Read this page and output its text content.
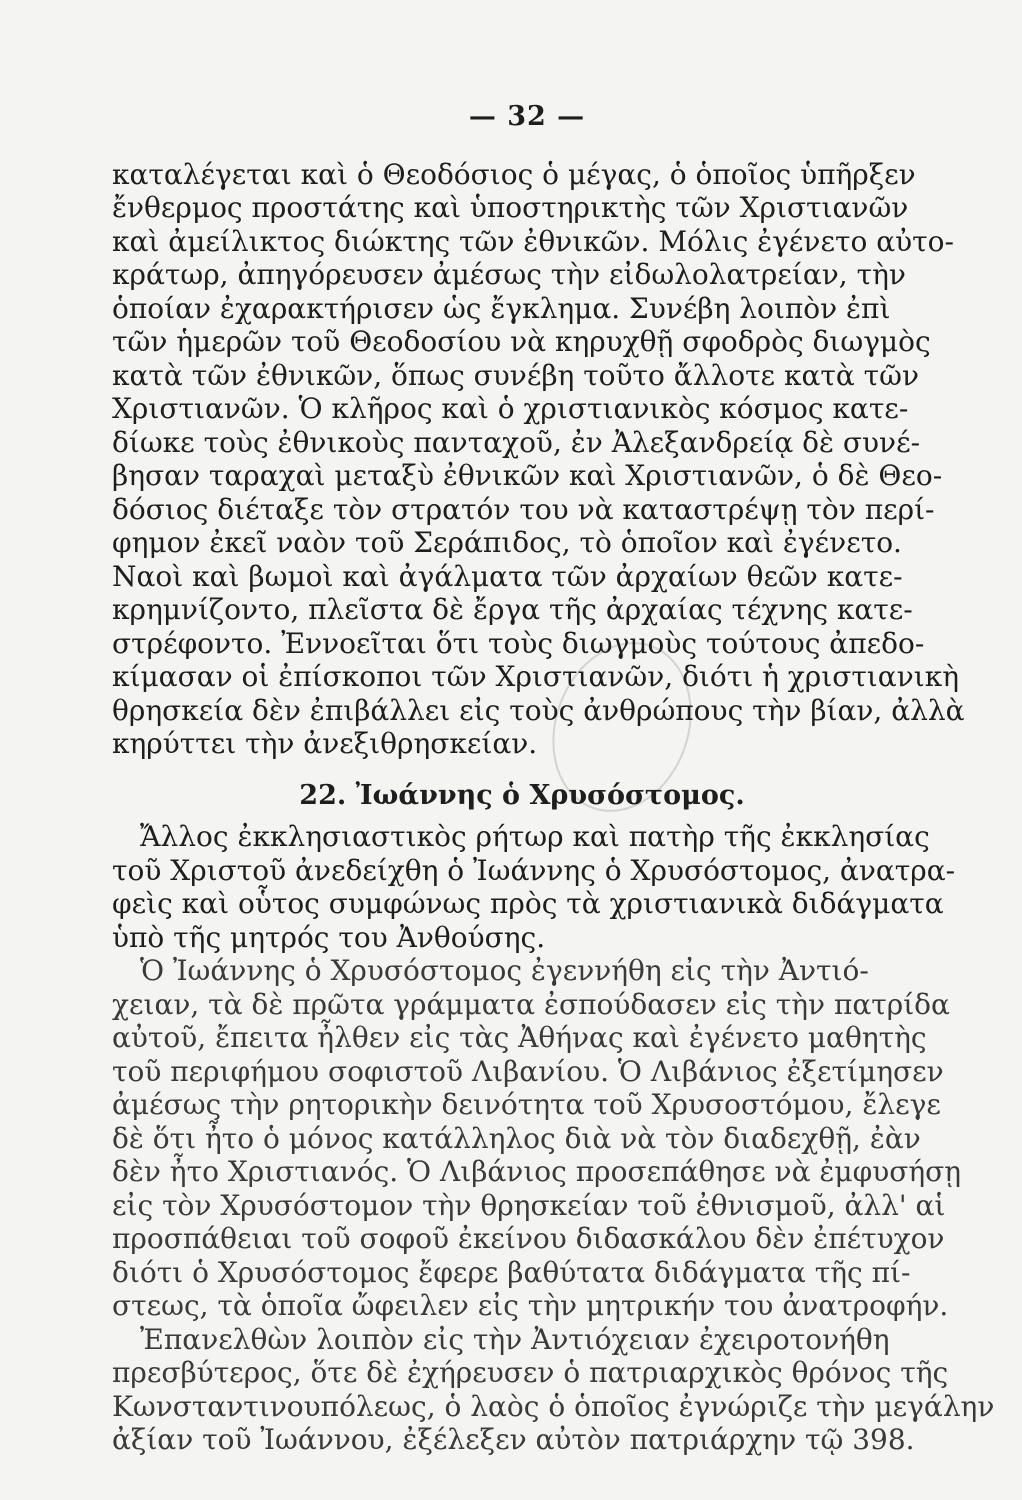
— 32 —
καταλέγεται καὶ ὁ Θεοδόσιος ὁ μέγας, ὁ ὁποῖος ὑπῆρξεν
ἔνθερμος προστάτης καὶ ὑποστηρικτὴς τῶν Χριστιανῶν
καὶ ἀμείλικτος διώκτης τῶν ἐθνικῶν. Μόλις ἐγένετο αὐτο-
κράτωρ, ἀπηγόρευσεν ἀμέσως τὴν εἰδωλολατρείαν, τὴν
ὁποίαν ἐχαρακτήρισεν ὡς ἔγκλημα. Συνέβη λοιπὸν ἐπὶ
τῶν ἡμερῶν τοῦ Θεοδοσίου νὰ κηρυχθῇ σφοδρὸς διωγμὸς
κατὰ τῶν ἐθνικῶν, ὅπως συνέβη τοῦτο ἄλλοτε κατὰ τῶν
Χριστιανῶν. Ὁ κλῆρος καὶ ὁ χριστιανικὸς κόσμος κατε-
δίωκε τοὺς ἐθνικοὺς πανταχοῦ, ἐν Ἀλεξανδρείᾳ δὲ συνέ-
βησαν ταραχαὶ μεταξὺ ἐθνικῶν καὶ Χριστιανῶν, ὁ δὲ Θεο-
δόσιος διέταξε τὸν στρατόν του νὰ καταστρέψῃ τὸν περί-
φημον ἐκεῖ ναὸν τοῦ Σεράπιδος, τὸ ὁποῖον καὶ ἐγένετο.
Ναοὶ καὶ βωμοὶ καὶ ἀγάλματα τῶν ἀρχαίων θεῶν κατε-
κρημνίζοντο, πλεῖστα δὲ ἔργα τῆς ἀρχαίας τέχνης κατε-
στρέφοντο. Ἐννοεῖται ὅτι τοὺς διωγμοὺς τούτους ἀπεδο-
κίμασαν οἱ ἐπίσκοποι τῶν Χριστιανῶν, διότι ἡ χριστιανικὴ
θρησκεία δὲν ἐπιβάλλει εἰς τοὺς ἀνθρώπους τὴν βίαν, ἀλλὰ
κηρύττει τὴν ἀνεξιθρησκείαν.
22. Ἰωάννης ὁ Χρυσόστομος.
Ἄλλος ἐκκλησιαστικὸς ρήτωρ καὶ πατὴρ τῆς ἐκκλησίας
τοῦ Χριστοῦ ἀνεδείχθη ὁ Ἰωάννης ὁ Χρυσόστομος, ἀνατρα-
φεὶς καὶ οὗτος συμφώνως πρὸς τὰ χριστιανικὰ διδάγματα
ὑπὸ τῆς μητρός του Ἀνθούσης.
Ὁ Ἰωάννης ὁ Χρυσόστομος ἐγεννήθη εἰς τὴν Ἀντιό-
χειαν, τὰ δὲ πρῶτα γράμματα ἐσπούδασεν εἰς τὴν πατρίδα
αὐτοῦ, ἔπειτα ἦλθεν εἰς τὰς Ἀθήνας καὶ ἐγένετο μαθητὴς
τοῦ περιφήμου σοφιστοῦ Λιβανίου. Ὁ Λιβάνιος ἐξετίμησεν
ἀμέσως τὴν ρητορικὴν δεινότητα τοῦ Χρυσοστόμου, ἔλεγε
δὲ ὅτι ἦτο ὁ μόνος κατάλληλος διὰ νὰ τὸν διαδεχθῇ, ἐὰν
δὲν ἦτο Χριστιανός. Ὁ Λιβάνιος προσεπάθησε νὰ ἐμφυσήσῃ
εἰς τὸν Χρυσόστομον τὴν θρησκείαν τοῦ ἐθνισμοῦ, ἀλλ' αἱ
προσπάθειαι τοῦ σοφοῦ ἐκείνου διδασκάλου δὲν ἐπέτυχον
διότι ὁ Χρυσόστομος ἔφερε βαθύτατα διδάγματα τῆς πί-
στεως, τὰ ὁποῖα ὤφειλεν εἰς τὴν μητρικήν του ἀνατροφήν.
Ἐπανελθὼν λοιπὸν εἰς τὴν Ἀντιόχειαν ἐχειροτονήθη
πρεσβύτερος, ὅτε δὲ ἐχήρευσεν ὁ πατριαρχικὸς θρόνος τῆς
Κωνσταντινουπόλεως, ὁ λαὸς ὁ ὁποῖος ἐγνώριζε τὴν μεγάλην
ἀξίαν τοῦ Ἰωάννου, ἐξέλεξεν αὐτὸν πατριάρχην τῷ 398.
